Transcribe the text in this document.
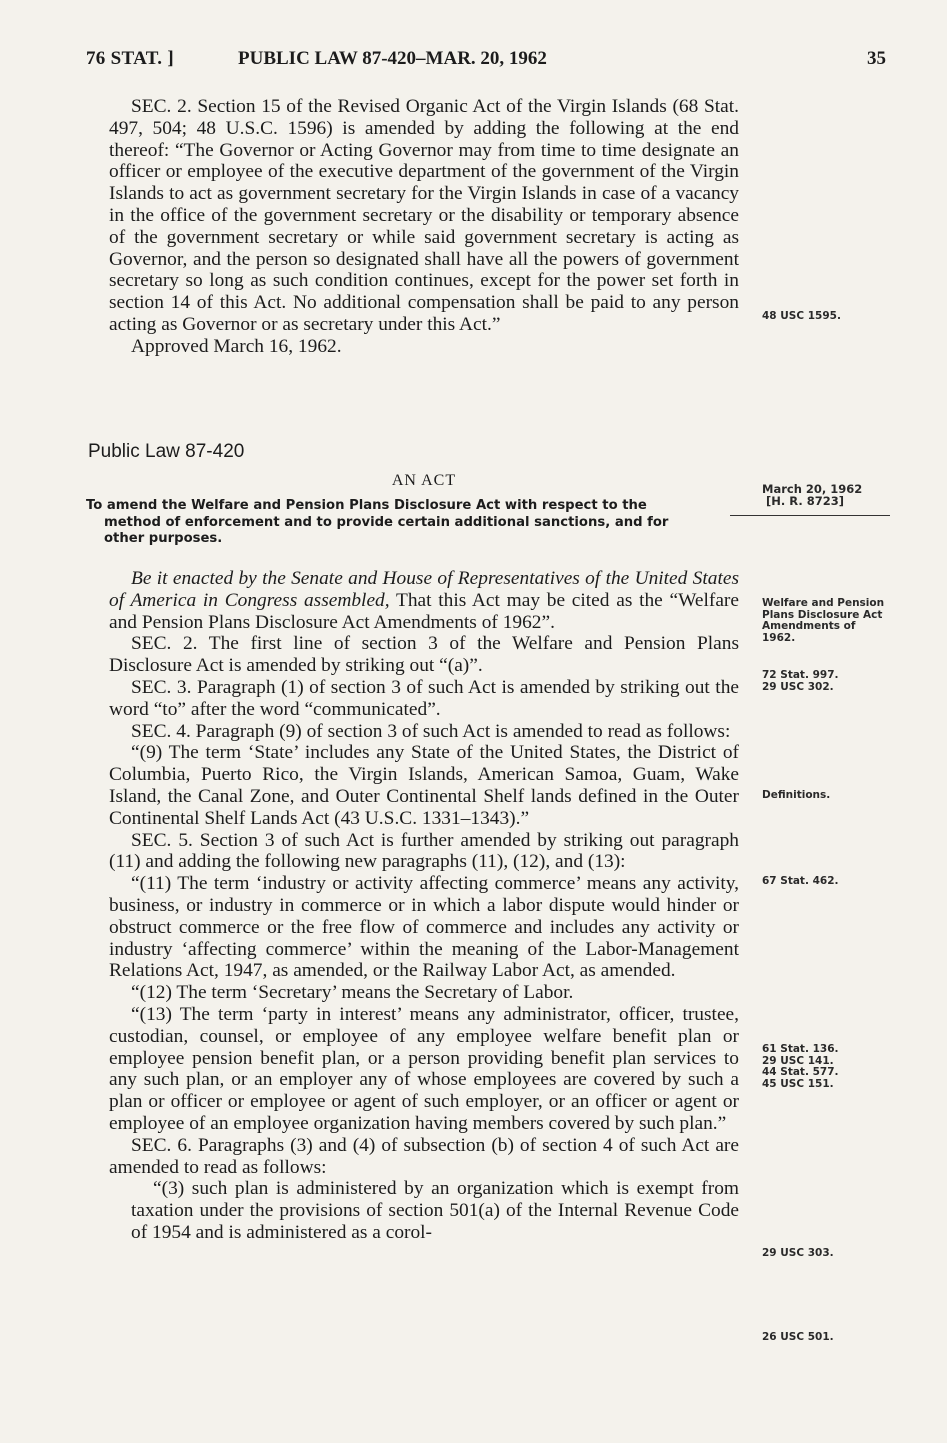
76 STAT. ]	PUBLIC LAW 87-420–MAR. 20, 1962	35

SEC. 2. Section 15 of the Revised Organic Act of the Virgin Islands (68 Stat. 497, 504; 48 U.S.C. 1596) is amended by adding the following at the end thereof: “The Governor or Acting Governor may from time to time designate an officer or employee of the executive department of the government of the Virgin Islands to act as government secretary for the Virgin Islands in case of a vacancy in the office of the government secretary or the disability or temporary absence of the government secretary or while said government secretary is acting as Governor, and the person so designated shall have all the powers of government secretary so long as such condition continues, except for the power set forth in section 14 of this Act. No additional compensation shall be paid to any person acting as Governor or as secretary under this Act.”

Approved March 16, 1962.

48 USC 1595.
Public Law 87-420
AN ACT	March 20, 1962
[H. R. 8723]
To amend the Welfare and Pension Plans Disclosure Act with respect to the
method of enforcement and to provide certain additional sanctions, and for
other purposes.

Be it enacted by the Senate and House of Representatives of the United States of America in Congress assembled, That this Act may be cited as the “Welfare and Pension Plans Disclosure Act Amendments of 1962”.

SEC. 2. The first line of section 3 of the Welfare and Pension Plans Disclosure Act is amended by striking out “(a)”.

SEC. 3. Paragraph (1) of section 3 of such Act is amended by striking out the word “to” after the word “communicated”.

SEC. 4. Paragraph (9) of section 3 of such Act is amended to read as follows:

“(9) The term ‘State’ includes any State of the United States, the District of Columbia, Puerto Rico, the Virgin Islands, American Samoa, Guam, Wake Island, the Canal Zone, and Outer Continental Shelf lands defined in the Outer Continental Shelf Lands Act (43 U.S.C. 1331–1343).”

SEC. 5. Section 3 of such Act is further amended by striking out paragraph (11) and adding the following new paragraphs (11), (12), and (13):

“(11) The term ‘industry or activity affecting commerce’ means any activity, business, or industry in commerce or in which a labor dispute would hinder or obstruct commerce or the free flow of commerce and includes any activity or industry ‘affecting commerce’ within the meaning of the Labor-Management Relations Act, 1947, as amended, or the Railway Labor Act, as amended.

“(12) The term ‘Secretary’ means the Secretary of Labor.

“(13) The term ‘party in interest’ means any administrator, officer, trustee, custodian, counsel, or employee of any employee welfare benefit plan or employee pension benefit plan, or a person providing benefit plan services to any such plan, or an employer any of whose employees are covered by such a plan or officer or employee or agent of such employer, or an officer or agent or employee of an employee organization having members covered by such plan.”

SEC. 6. Paragraphs (3) and (4) of subsection (b) of section 4 of such Act are amended to read as follows:

“(3) such plan is administered by an organization which is exempt from taxation under the provisions of section 501(a) of the Internal Revenue Code of 1954 and is administered as a corol-

Welfare and Pension Plans Disclosure Act Amendments of 1962.
72 Stat. 997.
29 USC 302.
Definitions.
67 Stat. 462.
61 Stat. 136.
29 USC 141.
44 Stat. 577.
45 USC 151.
29 USC 303.
26 USC 501.
